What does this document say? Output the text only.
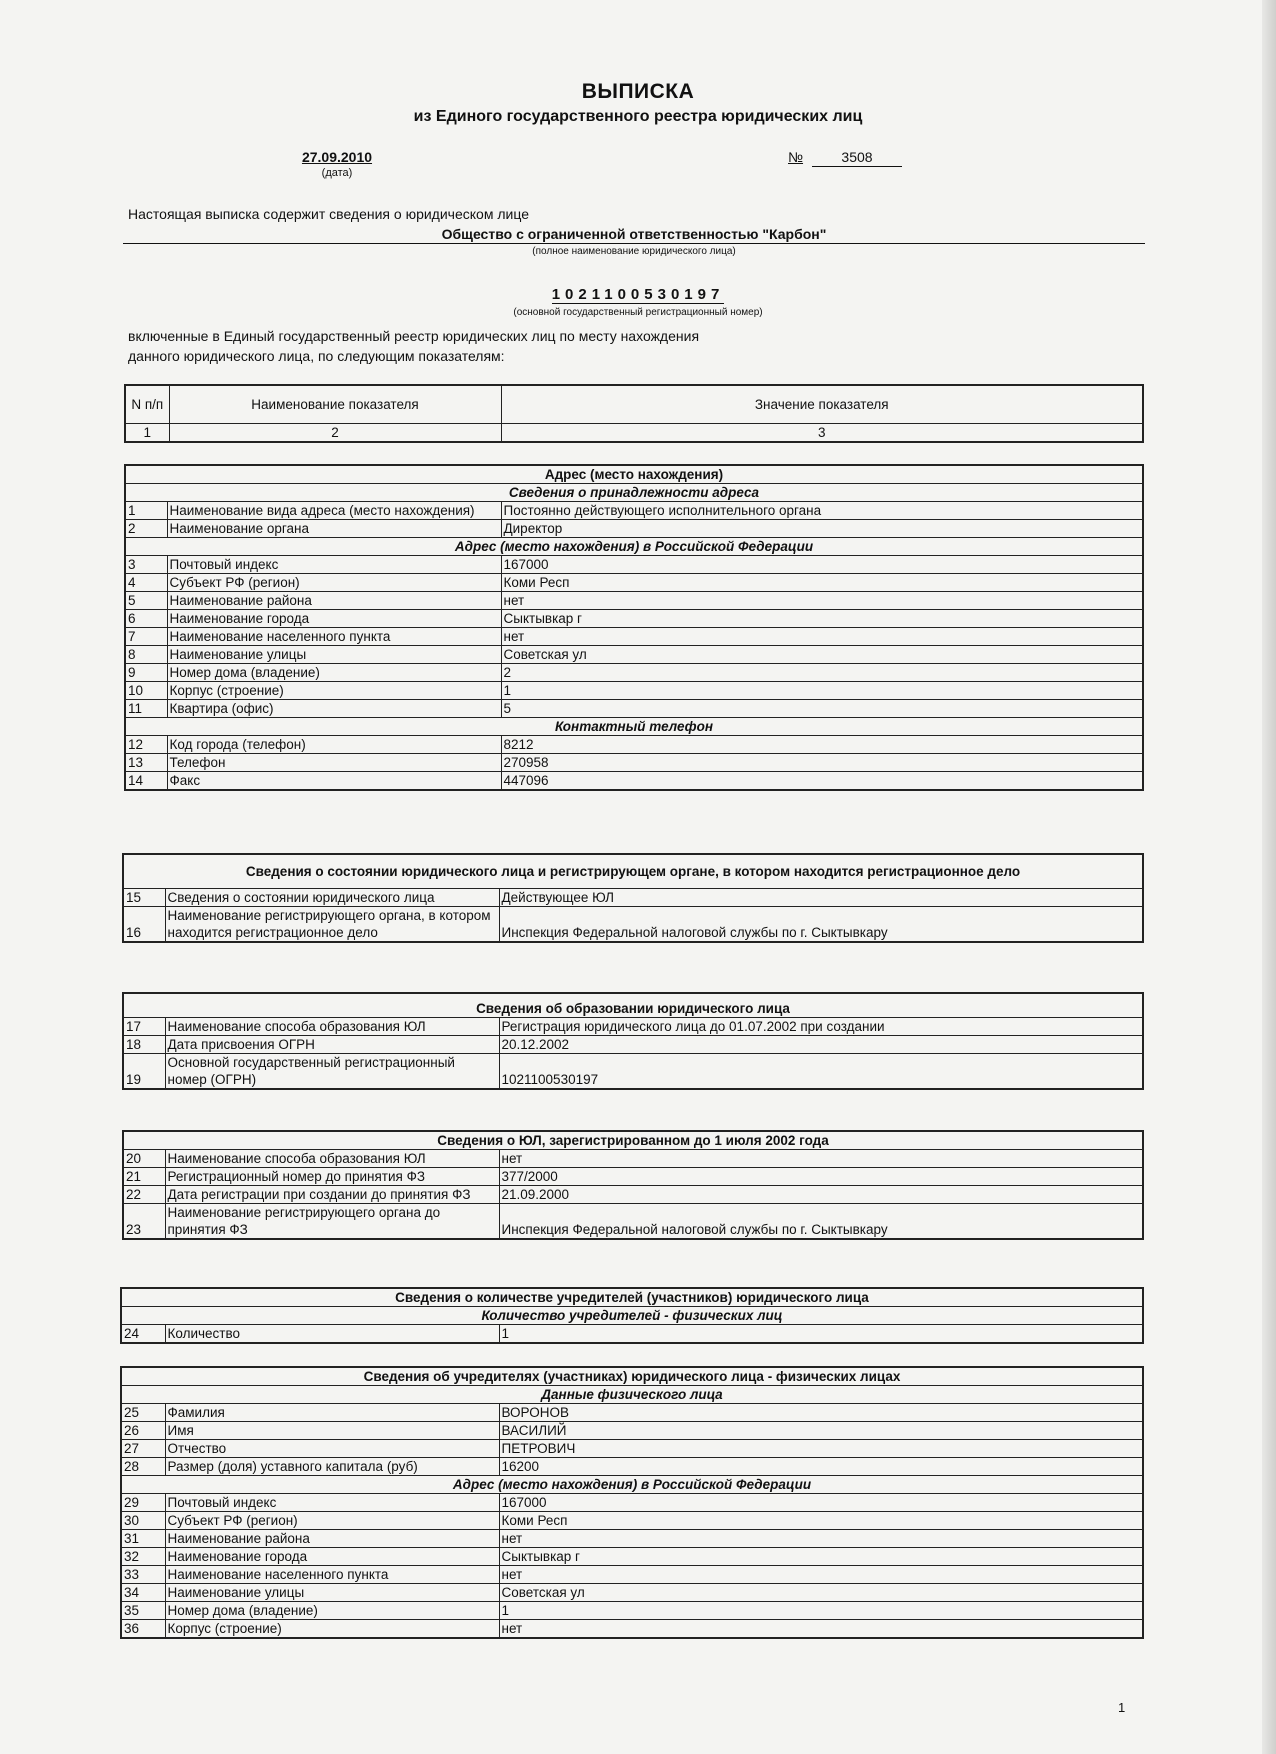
ВЫПИСКА
из Единого государственного реестра юридических лиц
27.09.2010
(дата)
№	3508
Настоящая выписка содержит сведения о юридическом лице
Общество с ограниченной ответственностью "Карбон"
(полное наименование юридического лица)
1021100530197
(основной государственный регистрационный номер)
включенные в Единый государственный реестр юридических лиц по месту нахождения данного юридического лица, по следующим показателям:
N п/п	Наименование показателя	Значение показателя
1	2	3
Адрес (место нахождения)		
Сведения о принадлежности адреса		
1	Наименование вида адреса (место нахождения)	Постоянно действующего исполнительного органа
2	Наименование органа	Директор
Адрес (место нахождения) в Российской Федерации		
3	Почтовый индекс	167000
4	Субъект РФ (регион)	Коми Респ
5	Наименование района	нет
6	Наименование города	Сыктывкар г
7	Наименование населенного пункта	нет
8	Наименование улицы	Советская ул
9	Номер дома (владение)	2
10	Корпус (строение)	1
11	Квартира (офис)	5
Контактный телефон		
12	Код города (телефон)	8212
13	Телефон	270958
14	Факс	447096
Сведения о состоянии юридического лица и регистрирующем органе, в котором находится регистрационное дело		
15	Сведения о состоянии юридического лица	Действующее ЮЛ
16	Наименование регистрирующего органа, в котором находится регистрационное дело	Инспекция Федеральной налоговой службы по г. Сыктывкару
Сведения об образовании юридического лица		
17	Наименование способа образования ЮЛ	Регистрация юридического лица до 01.07.2002 при создании
18	Дата присвоения ОГРН	20.12.2002
19	Основной государственный регистрационный номер (ОГРН)	1021100530197
Сведения о ЮЛ, зарегистрированном до 1 июля 2002 года		
20	Наименование способа образования ЮЛ	нет
21	Регистрационный номер до принятия ФЗ	377/2000
22	Дата регистрации при создании до принятия ФЗ	21.09.2000
23	Наименование регистрирующего органа до принятия ФЗ	Инспекция Федеральной налоговой службы по г. Сыктывкару
Сведения о количестве учредителей (участников) юридического лица
Количество учредителей - физических лиц
24	Количество	1
Сведения об учредителях (участниках) юридического лица - физических лицах		
Данные физического лица		
25	Фамилия	ВОРОНОВ
26	Имя	ВАСИЛИЙ
27	Отчество	ПЕТРОВИЧ
28	Размер (доля) уставного капитала (руб)	16200
Адрес (место нахождения) в Российской Федерации		
29	Почтовый индекс	167000
30	Субъект РФ (регион)	Коми Респ
31	Наименование района	нет
32	Наименование города	Сыктывкар г
33	Наименование населенного пункта	нет
34	Наименование улицы	Советская ул
35	Номер дома (владение)	1
36	Корпус (строение)	нет
1
